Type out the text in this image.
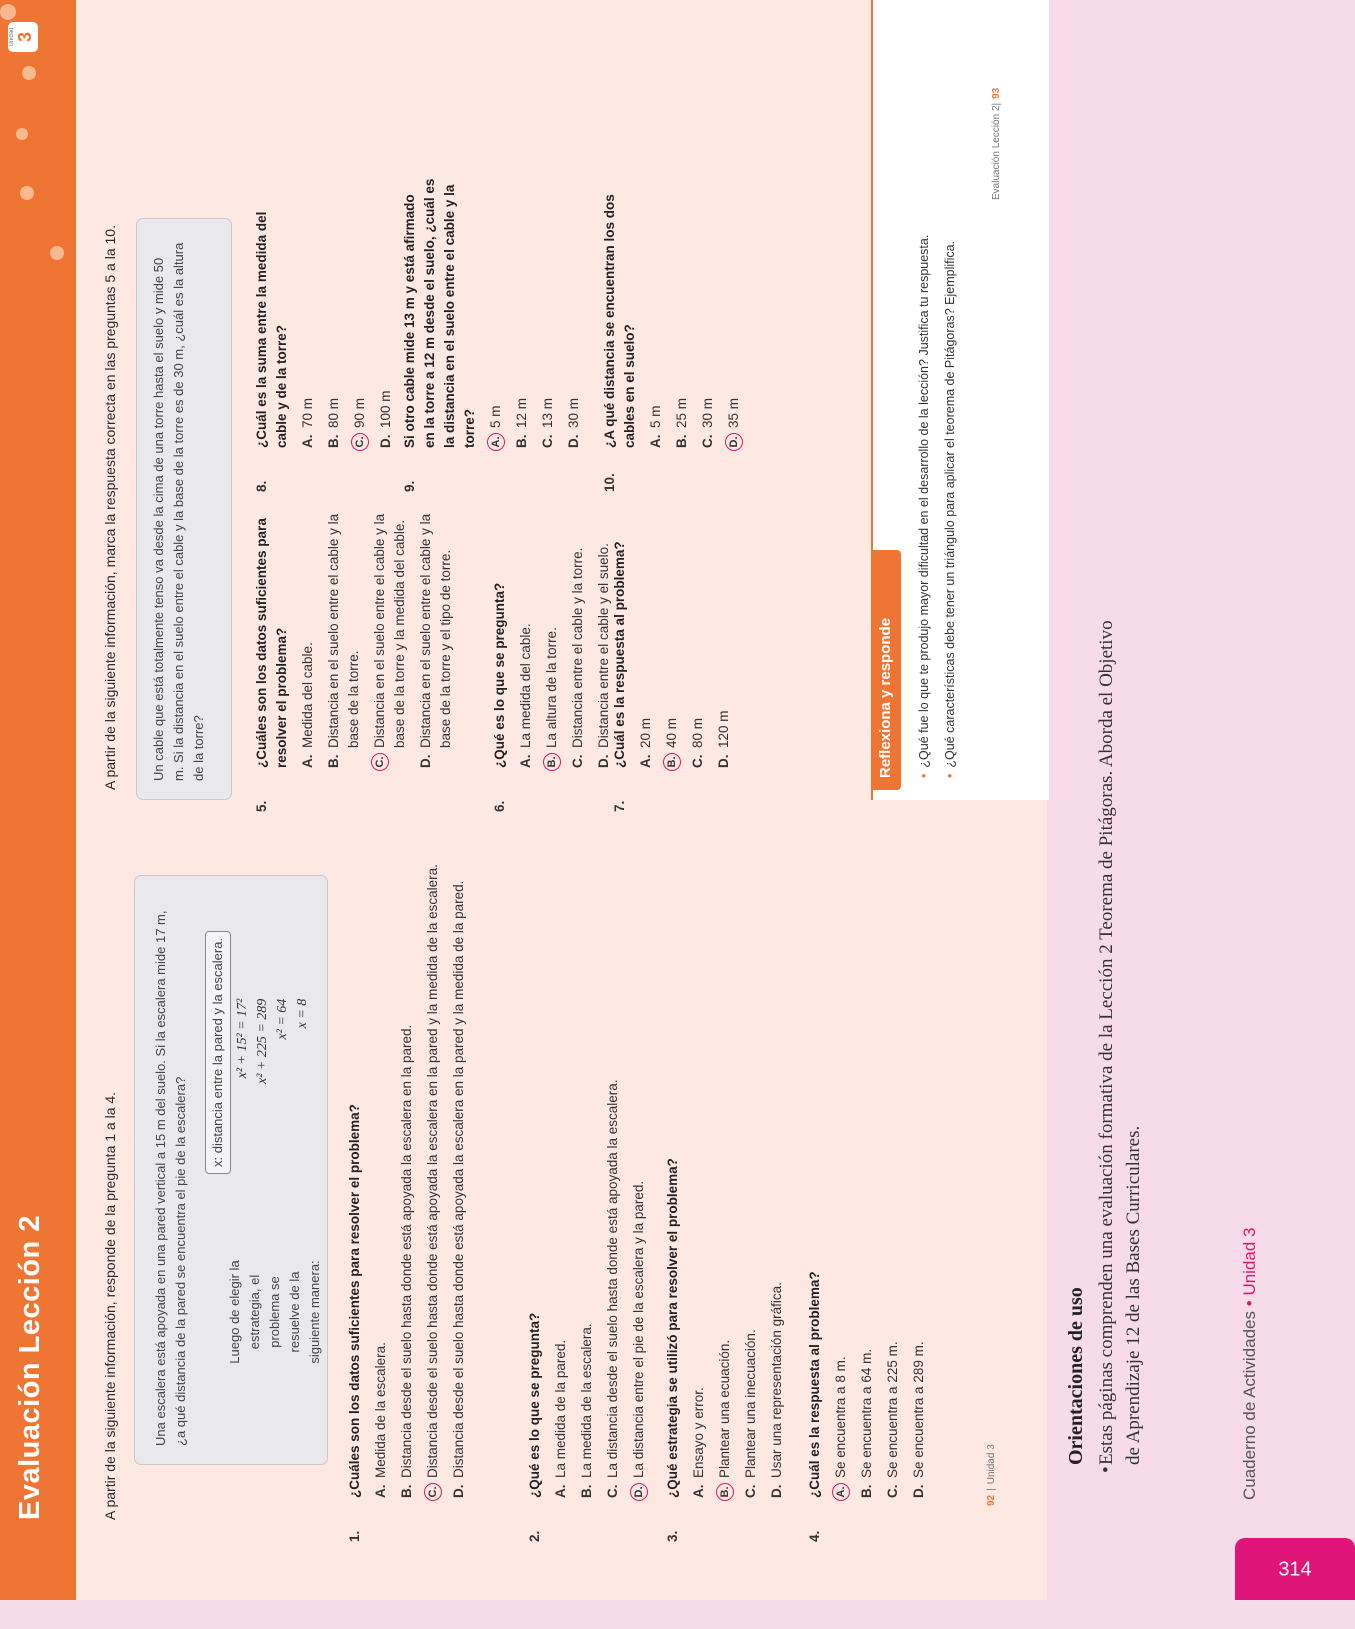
Evaluación Lección 2	A partir de la siguiente información, responde de la pregunta 1 a la 4.	Una escalera está apoyada en una pared vertical a 15 m del suelo. Si la escalera mide 17 m, ¿a qué distancia de la pared se encuentra el pie de la escalera?	Luego de elegir la estrategia, el problema se resuelve de la siguiente manera:
x: distancia entre la pared y la escalera. x² + 15² = 17² x² + 225 = 289 x² = 64 x = 8
¿Cuáles son los datos suficientes para resolver el problema? A.
Medida de la escalera.
B.
Distancia desde el suelo hasta donde está apoyada la escalera en la pared.
C.
Distancia desde el suelo hasta donde está apoyada la escalera en la pared y la medida de la escalera.
D.
Distancia desde el suelo hasta donde está apoyada la escalera en la pared y la medida de la pared.
1.
¿Qué es lo que se pregunta? A.
La medida de la pared.
B.
La medida de la escalera.
C.
La distancia desde el suelo hasta donde está apoyada la escalera.
D.
La distancia entre el pie de la escalera y la pared.
2.
¿Qué estrategia se utilizó para resolver el problema? A.
Ensayo y error.
B.
Plantear una ecuación.
C.
Plantear una inecuación.
D.
Usar una representación gráfica.
3.
¿Cuál es la respuesta al problema? A.
Se encuentra a 8 m.
B.
Se encuentra a 64 m.
C.
Se encuentra a 225 m.
D.
Se encuentra a 289 m.
4.
92|Unidad 3
A partir de la siguiente información, marca la respuesta correcta en las preguntas 5 a la 10.	Un cable que está totalmente tenso va desde la cima de una torre hasta el suelo y mide 50 m. Si la distancia en el suelo entre el cable y la base de la torre es de 30 m, ¿cuál es la altura de la torre?	¿Cuáles son los datos suficientes para resolver el problema? A.
Medida del cable.
B.
Distancia en el suelo entre el cable y la base de la torre.
C.
Distancia en el suelo entre el cable y la base de la torre y la medida del cable.
D.
Distancia en el suelo entre el cable y la base de la torre y el tipo de torre.
5.
¿Qué es lo que se pregunta? A.
La medida del cable.
B.
La altura de la torre.
C.
Distancia entre el cable y la torre.
D.
Distancia entre el cable y el suelo.
6.
¿Cuál es la respuesta al problema? A.
20 m
B.
40 m
C.
80 m
D.
120 m
7.
¿Cuál es la suma entre la medida del cable y de la torre? A.
70 m
B.
80 m
C.
90 m
D.
100 m
8.
Si otro cable mide 13 m y está afirmado en la torre a 12 m desde el suelo, ¿cuál es la distancia en el suelo entre el cable y la torre? A.
5 m
B.
12 m
C.
13 m
D.
30 m
9.
¿A qué distancia se encuentran los dos cables en el suelo? A.
5 m
B.
25 m
C.
30 m
D.
35 m
10.
Reflexiona y responde	• ¿Qué fue lo que te produjo mayor dificultad en el desarrollo de la lección? Justifica tu respuesta. • ¿Qué características debe tener un triángulo para aplicar el teorema de Pitágoras? Ejemplifica.
Evaluación Lección 2|93
Unidad 3
Orientaciones de uso • Estas páginas comprenden una evaluación formativa de la Lección 2 Teorema de Pitágoras. Aborda el Objetivo de Aprendizaje 12 de las Bases Curriculares.	Cuaderno de Actividades • Unidad 3
314
